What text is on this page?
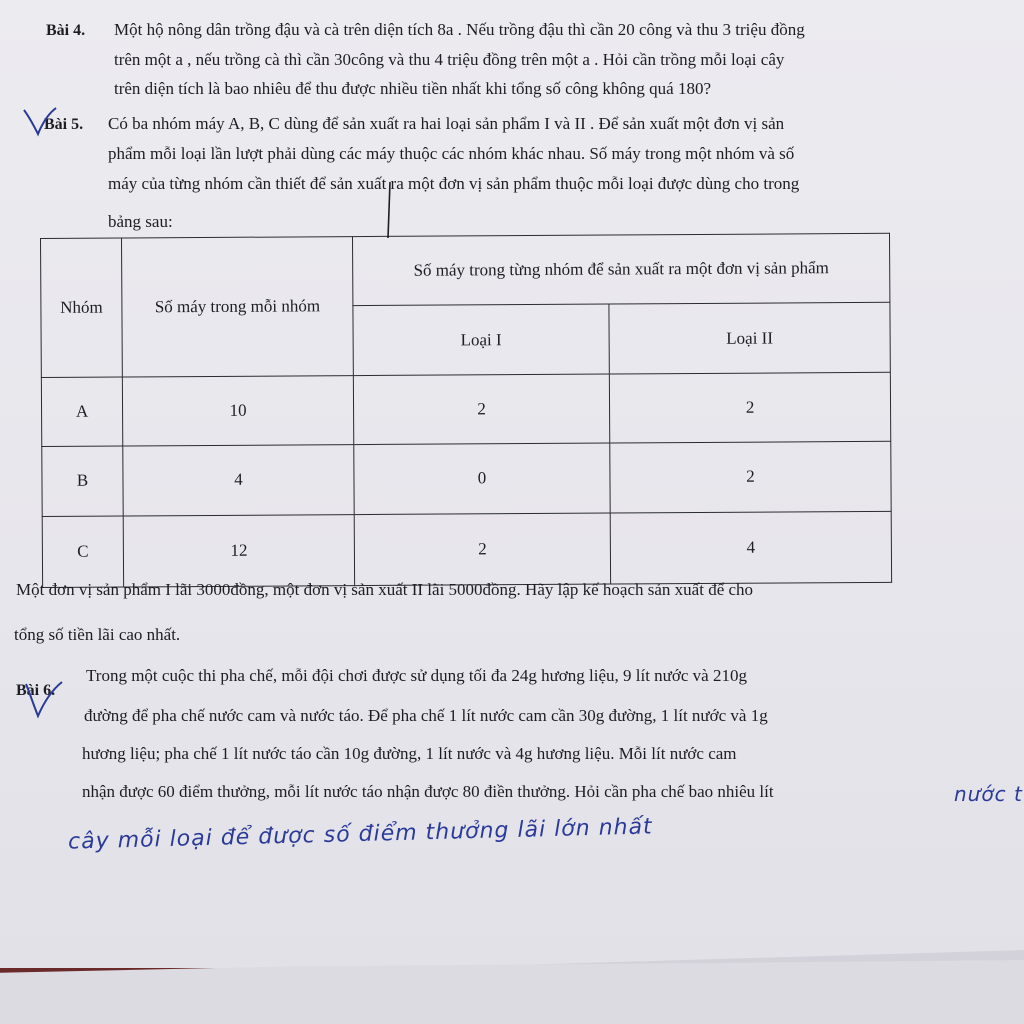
Bài 4. Một hộ nông dân trồng đậu và cà trên diện tích 8a . Nếu trồng đậu thì cần 20 công và thu 3 triệu đồng
trên một a , nếu trồng cà thì cần 30công và thu 4 triệu đồng trên một a . Hỏi cần trồng mỗi loại cây
trên diện tích là bao nhiêu để thu được nhiều tiền nhất khi tổng số công không quá 180?
Bài 5. Có ba nhóm máy A, B, C dùng để sản xuất ra hai loại sản phẩm I và II . Để sản xuất một đơn vị sản
phẩm mỗi loại lần lượt phải dùng các máy thuộc các nhóm khác nhau. Số máy trong một nhóm và số
máy của từng nhóm cần thiết để sản xuất ra một đơn vị sản phẩm thuộc mỗi loại được dùng cho trong
bảng sau:
Nhóm	Số máy trong mỗi nhóm	Số máy trong từng nhóm để sản xuất ra một đơn vị sản phẩm	
		Loại I	Loại II
A	10	2	2
B	4	0	2
C	12	2	4
Một đơn vị sản phẩm I lãi 3000đồng, một đơn vị sản xuất II lãi 5000đồng. Hãy lập kế hoạch sản xuất để cho
tổng số tiền lãi cao nhất.
Bài 6.
Trong một cuộc thi pha chế, mỗi đội chơi được sử dụng tối đa 24g hương liệu, 9 lít nước và 210g
đường để pha chế nước cam và nước táo. Để pha chế 1 lít nước cam cần 30g đường, 1 lít nước và 1g
hương liệu; pha chế 1 lít nước táo cần 10g đường, 1 lít nước và 4g hương liệu. Mỗi lít nước cam
nhận được 60 điểm thưởng, mỗi lít nước táo nhận được 80 điền thưởng. Hỏi cần pha chế bao nhiêu lít	nước t
cây mỗi loại để được số điểm thưởng lãi lớn nhất
